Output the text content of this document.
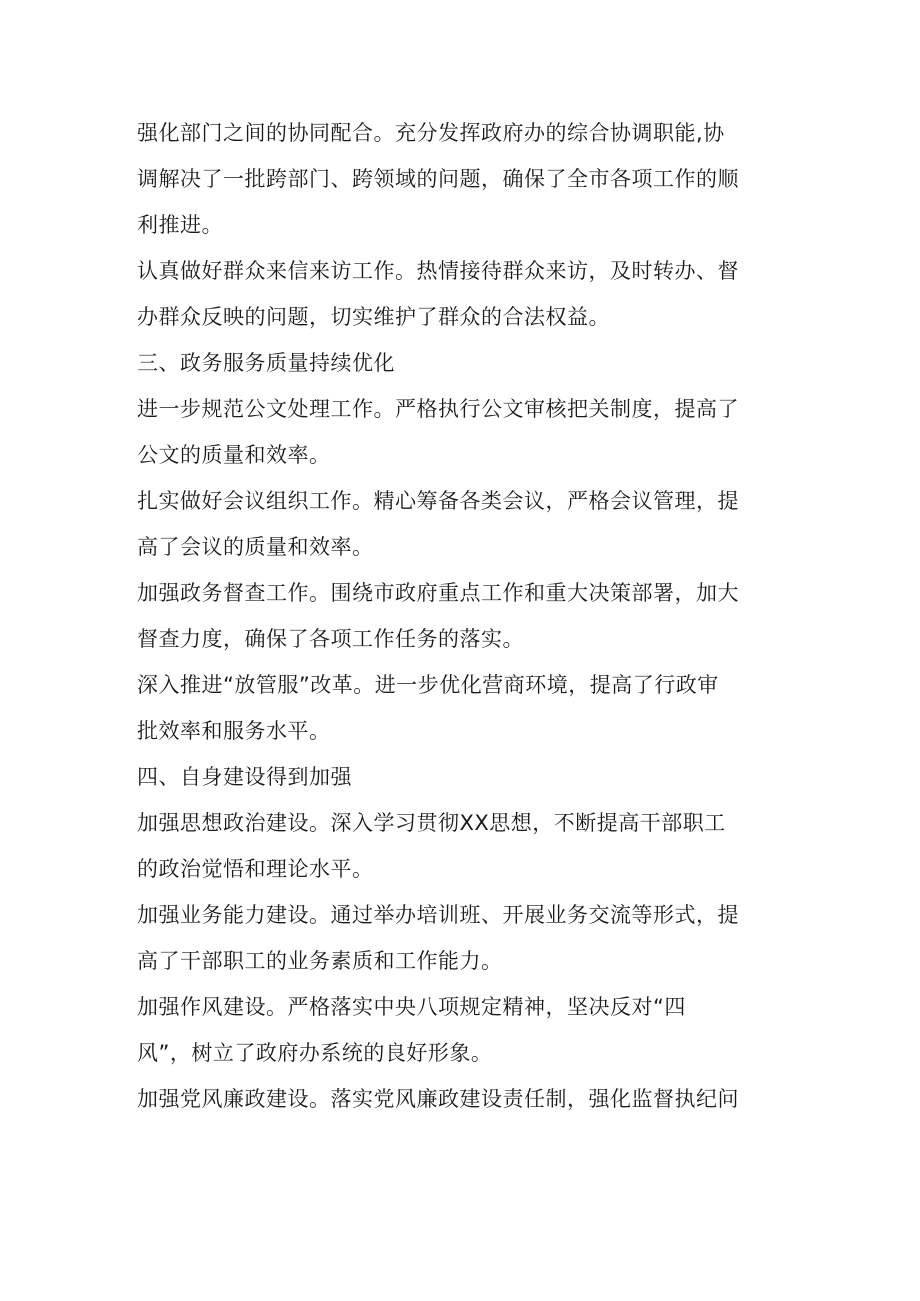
强化部门之间的协同配合。充分发挥政府办的综合协调职能,协
调解决了一批跨部门、跨领域的问题，确保了全市各项工作的顺
利推进。
认真做好群众来信来访工作。热情接待群众来访，及时转办、督
办群众反映的问题，切实维护了群众的合法权益。
三、政务服务质量持续优化
进一步规范公文处理工作。严格执行公文审核把关制度，提高了
公文的质量和效率。
扎实做好会议组织工作。精心筹备各类会议，严格会议管理，提
高了会议的质量和效率。
加强政务督查工作。围绕市政府重点工作和重大决策部署，加大
督查力度，确保了各项工作任务的落实。
深入推进“放管服”改革。进一步优化营商环境，提高了行政审
批效率和服务水平。
四、自身建设得到加强
加强思想政治建设。深入学习贯彻XX思想，不断提高干部职工
的政治觉悟和理论水平。
加强业务能力建设。通过举办培训班、开展业务交流等形式，提
高了干部职工的业务素质和工作能力。
加强作风建设。严格落实中央八项规定精神，坚决反对“四
风”，树立了政府办系统的良好形象。
加强党风廉政建设。落实党风廉政建设责任制，强化监督执纪问
